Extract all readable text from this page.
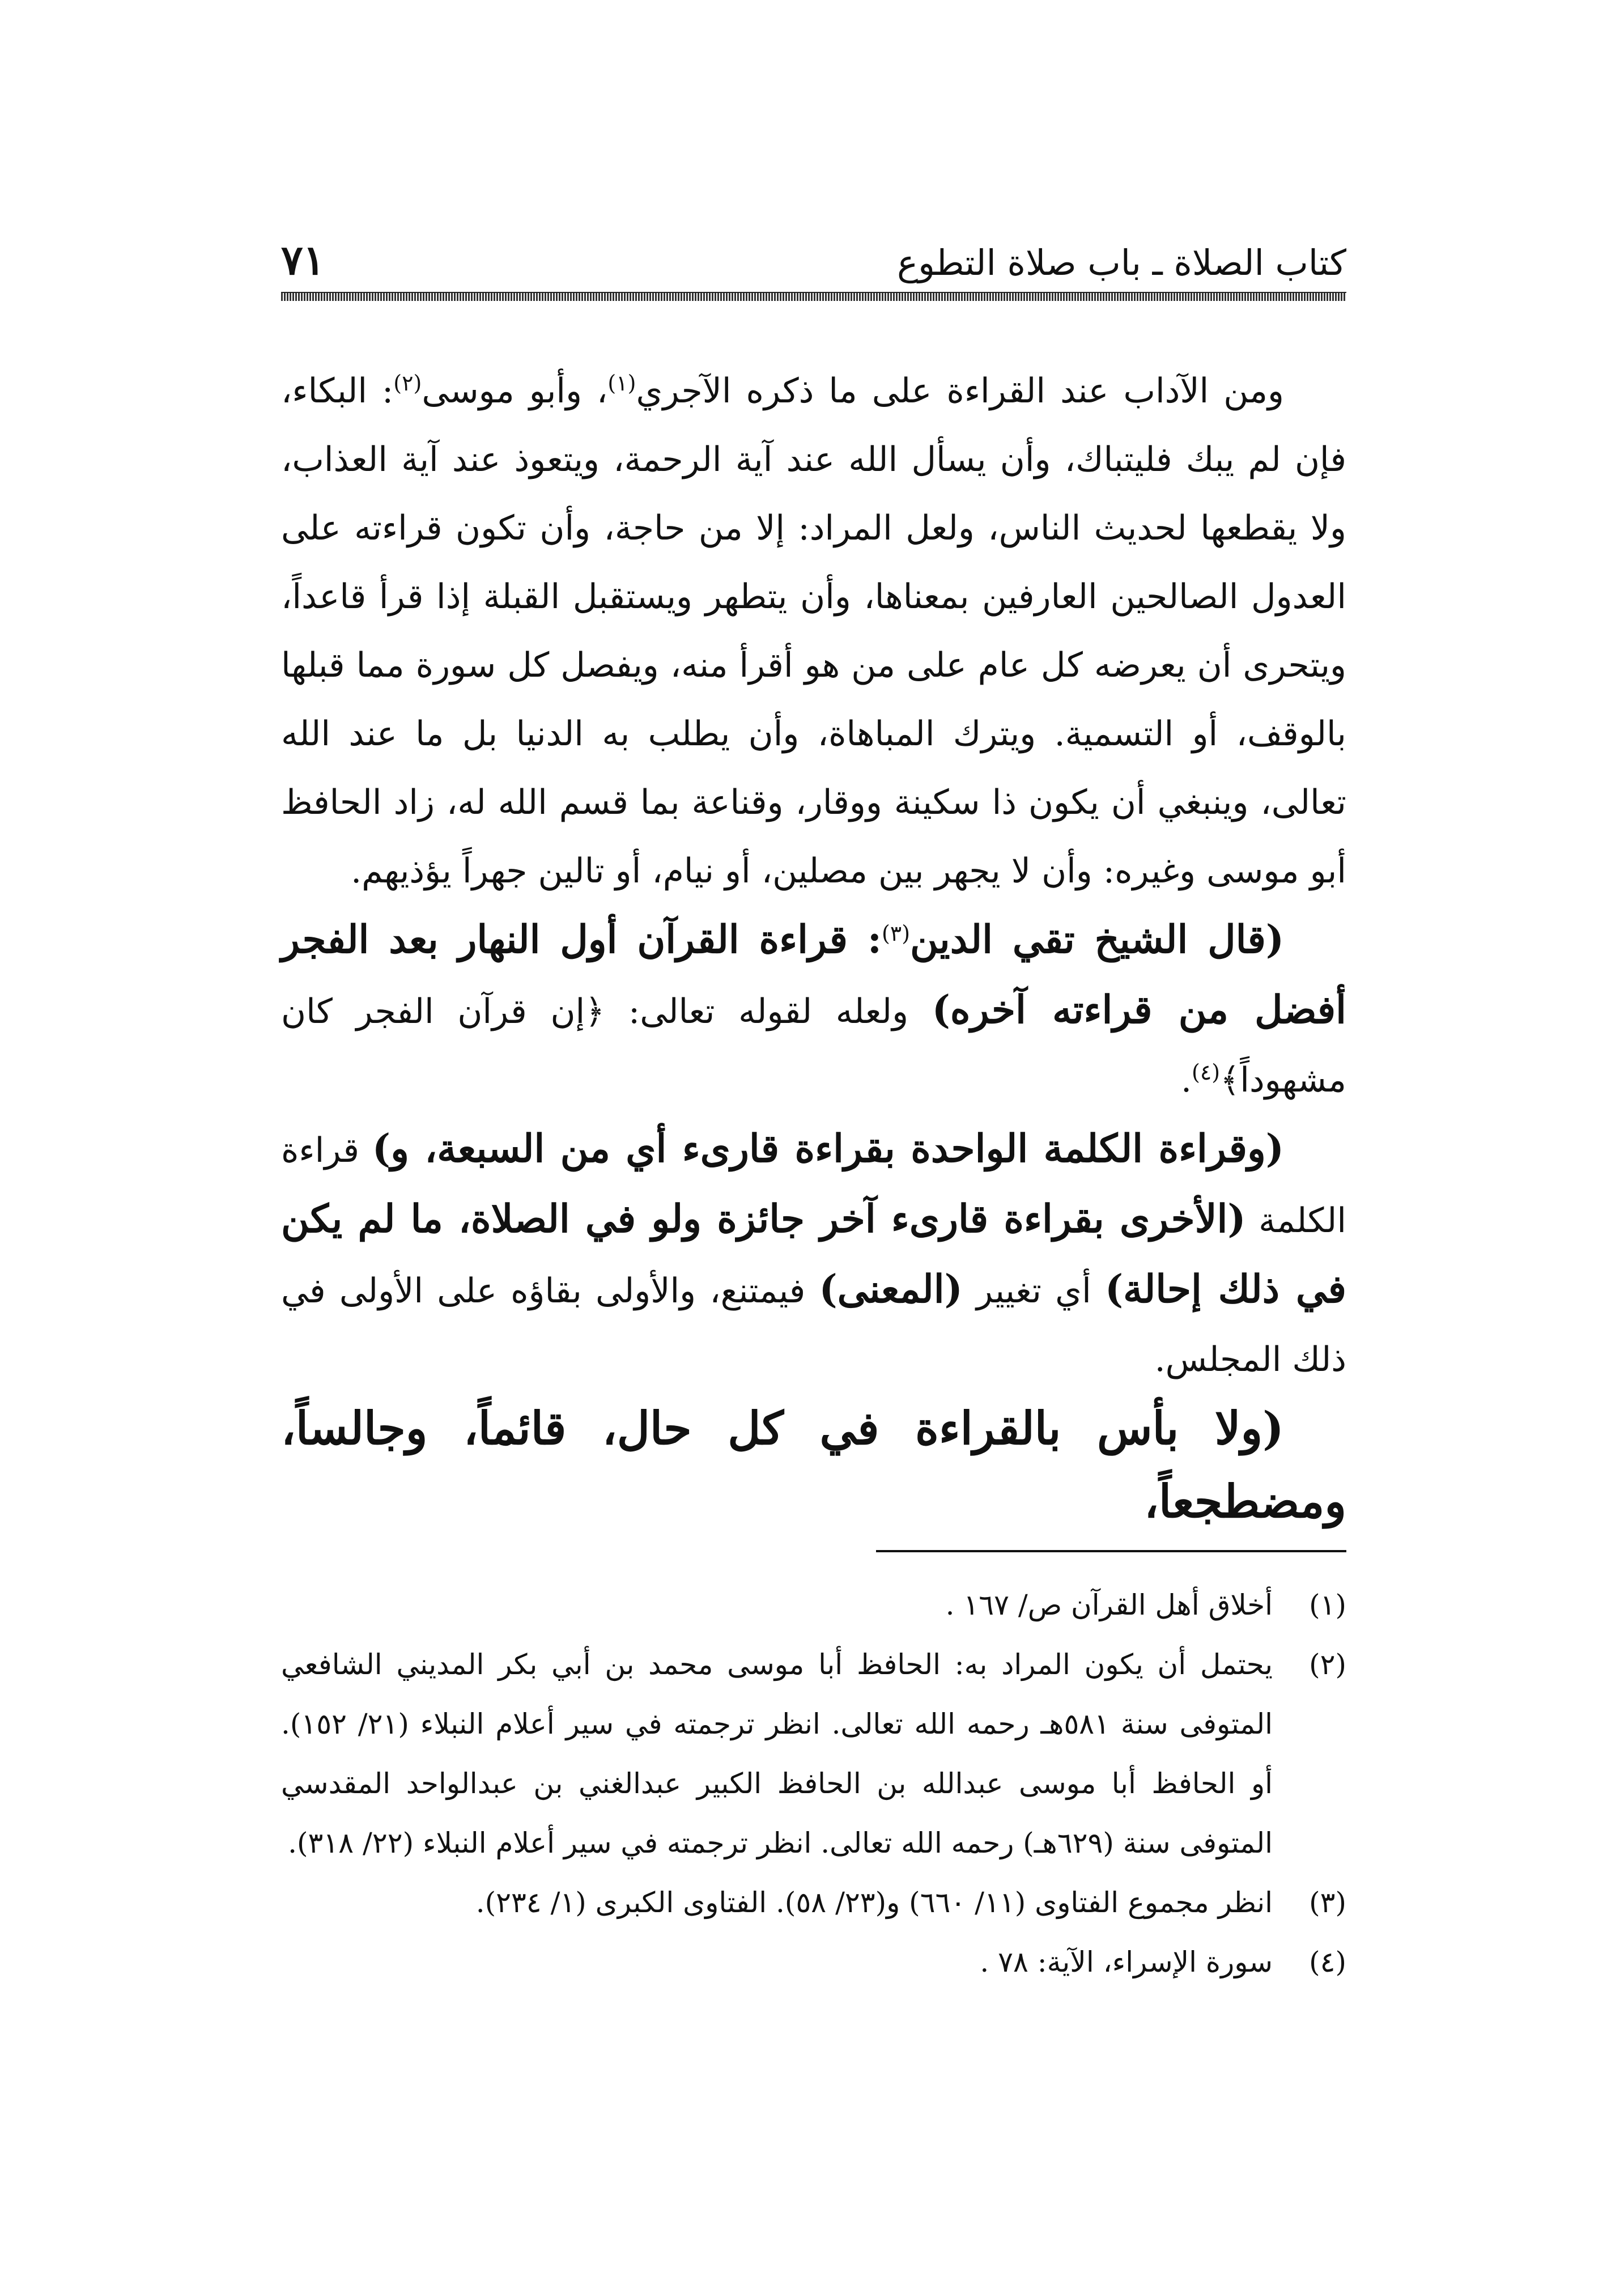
كتاب الصلاة ـ باب صلاة التطوع
٧١

ومن الآداب عند القراءة على ما ذكره الآجري$^{(١)}$، وأبو موسى$^{(٢)}$: البكاء، فإن لم يبك فليتباك، وأن يسأل الله عند آية الرحمة، ويتعوذ عند آية العذاب، ولا يقطعها لحديث الناس، ولعل المراد: إلا من حاجة، وأن تكون قراءته على العدول الصالحين العارفين بمعناها، وأن يتطهر ويستقبل القبلة إذا قرأ قاعداً، ويتحرى أن يعرضه كل عام على من هو أقرأ منه، ويفصل كل سورة مما قبلها بالوقف، أو التسمية. ويترك المباهاة، وأن يطلب به الدنيا بل ما عند الله تعالى، وينبغي أن يكون ذا سكينة ووقار، وقناعة بما قسم الله له، زاد الحافظ أبو موسى وغيره: وأن لا يجهر بين مصلين، أو نيام، أو تالين جهراً يؤذيهم.

(قال الشيخ تقي الدين$^{(٣)}$: قراءة القرآن أول النهار بعد الفجر أفضل من قراءته آخره) ولعله لقوله تعالى: ﴿إن قرآن الفجر كان مشهوداً﴾$^{(٤)}$.

(وقراءة الكلمة الواحدة بقراءة قارىء أي من السبعة، و) قراءة الكلمة (الأخرى بقراءة قارىء آخر جائزة ولو في الصلاة، ما لم يكن في ذلك إحالة) أي تغيير (المعنى) فيمتنع، والأولى بقاؤه على الأولى في ذلك المجلس.

(ولا بأس بالقراءة في كل حال، قائماً، وجالساً، ومضطجعاً،

(١)
أخلاق أهل القرآن ص/ ١٦٧ .
(٢)
يحتمل أن يكون المراد به: الحافظ أبا موسى محمد بن أبي بكر المديني الشافعي المتوفى سنة ٥٨١هـ رحمه الله تعالى. انظر ترجمته في سير أعلام النبلاء (٢١/ ١٥٢). أو الحافظ أبا موسى عبدالله بن الحافظ الكبير عبدالغني بن عبدالواحد المقدسي المتوفى سنة (٦٢٩هـ) رحمه الله تعالى. انظر ترجمته في سير أعلام النبلاء (٢٢/ ٣١٨).
(٣)
انظر مجموع الفتاوى (١١/ ٦٦٠) و(٢٣/ ٥٨). الفتاوى الكبرى (١/ ٢٣٤).
(٤)
سورة الإسراء، الآية: ٧٨ .
